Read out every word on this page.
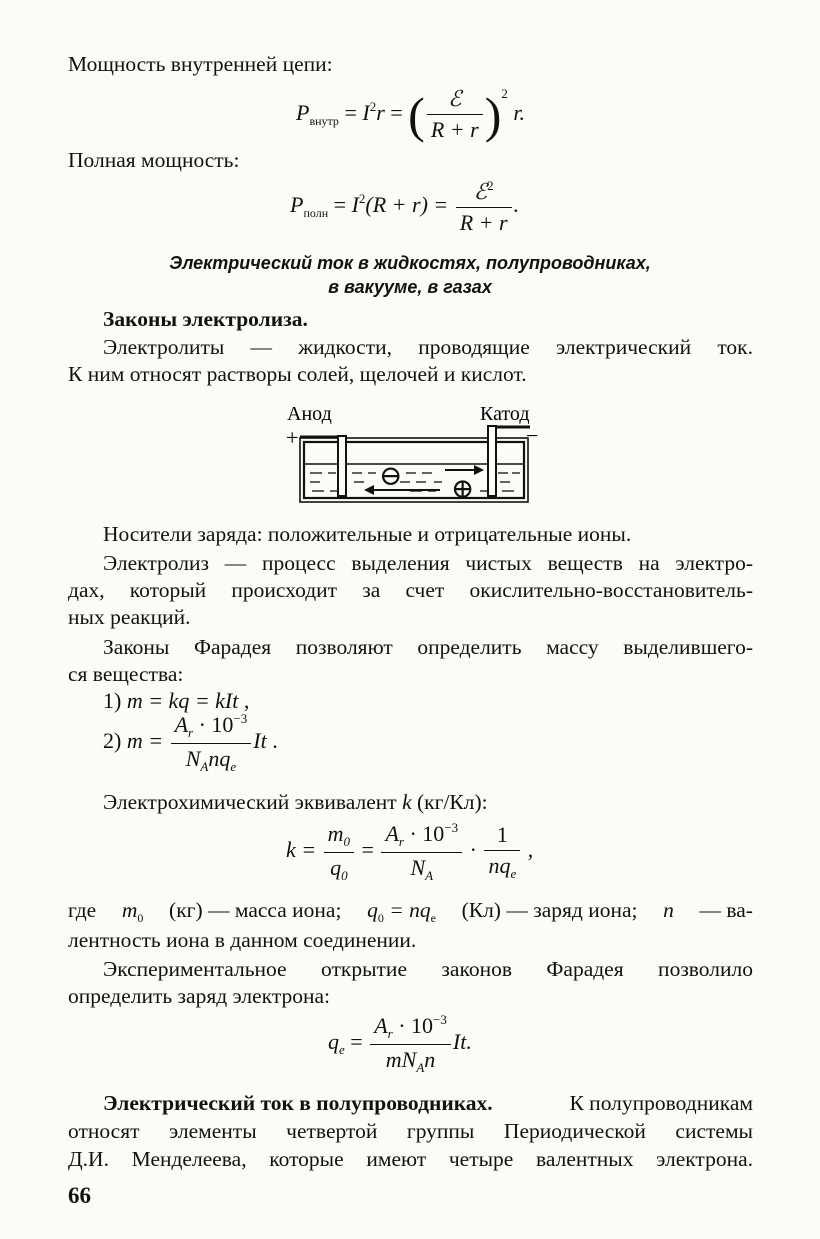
Мощность внутренней цепи:
$P_{внутр} = I^2r$ = ( $\frac{\text{ℰ}}{R + r} )^2$ r.
Полная мощность:
$P_{полн} = I^2(R + r) = \frac{ℰ^2}{R + r}$ .
Электрический ток в жидкостях, полупроводниках,
в вакууме, в газах
Законы электролиза.
Электролиты — жидкости, проводящие электрический ток.
К ним относят растворы солей, щелочей и кислот.
Анод	Катод
+	−
⊖ ⊕
Носители заряда: положительные и отрицательные ионы.
Электролиз — процесс выделения чистых веществ на электро-
дах, который происходит за счет окислительно-восстановитель-
ных реакций.
Законы Фарадея позволяют определить массу выделившего-
ся вещества:
1) m = kq = kIt ,
2) $m = \frac{A_r \cdot 10^{-3}}{N_Anq_e}$ It .
Электрохимический эквивалент k (кг/Кл):
$k = \frac{m_0}{q_0} = \frac{A_r \cdot 10^{-3}}{N_A} \cdot \frac{1}{nq_e}$ ,
где $m_0$ (кг) — масса иона; $q_0 = nq_e$ (Кл) — заряд иона; n — ва-
лентность иона в данном соединении.
Экспериментальное открытие законов Фарадея позволило
определить заряд электрона:
$q_e = \frac{A_r \cdot 10^{-3}}{mN_An} It$.
Электрический ток в полупроводниках.	К полупроводникам
относят элементы четвертой группы Периодической системы
Д.И. Менделеева, которые имеют четыре валентных электрона.
66
